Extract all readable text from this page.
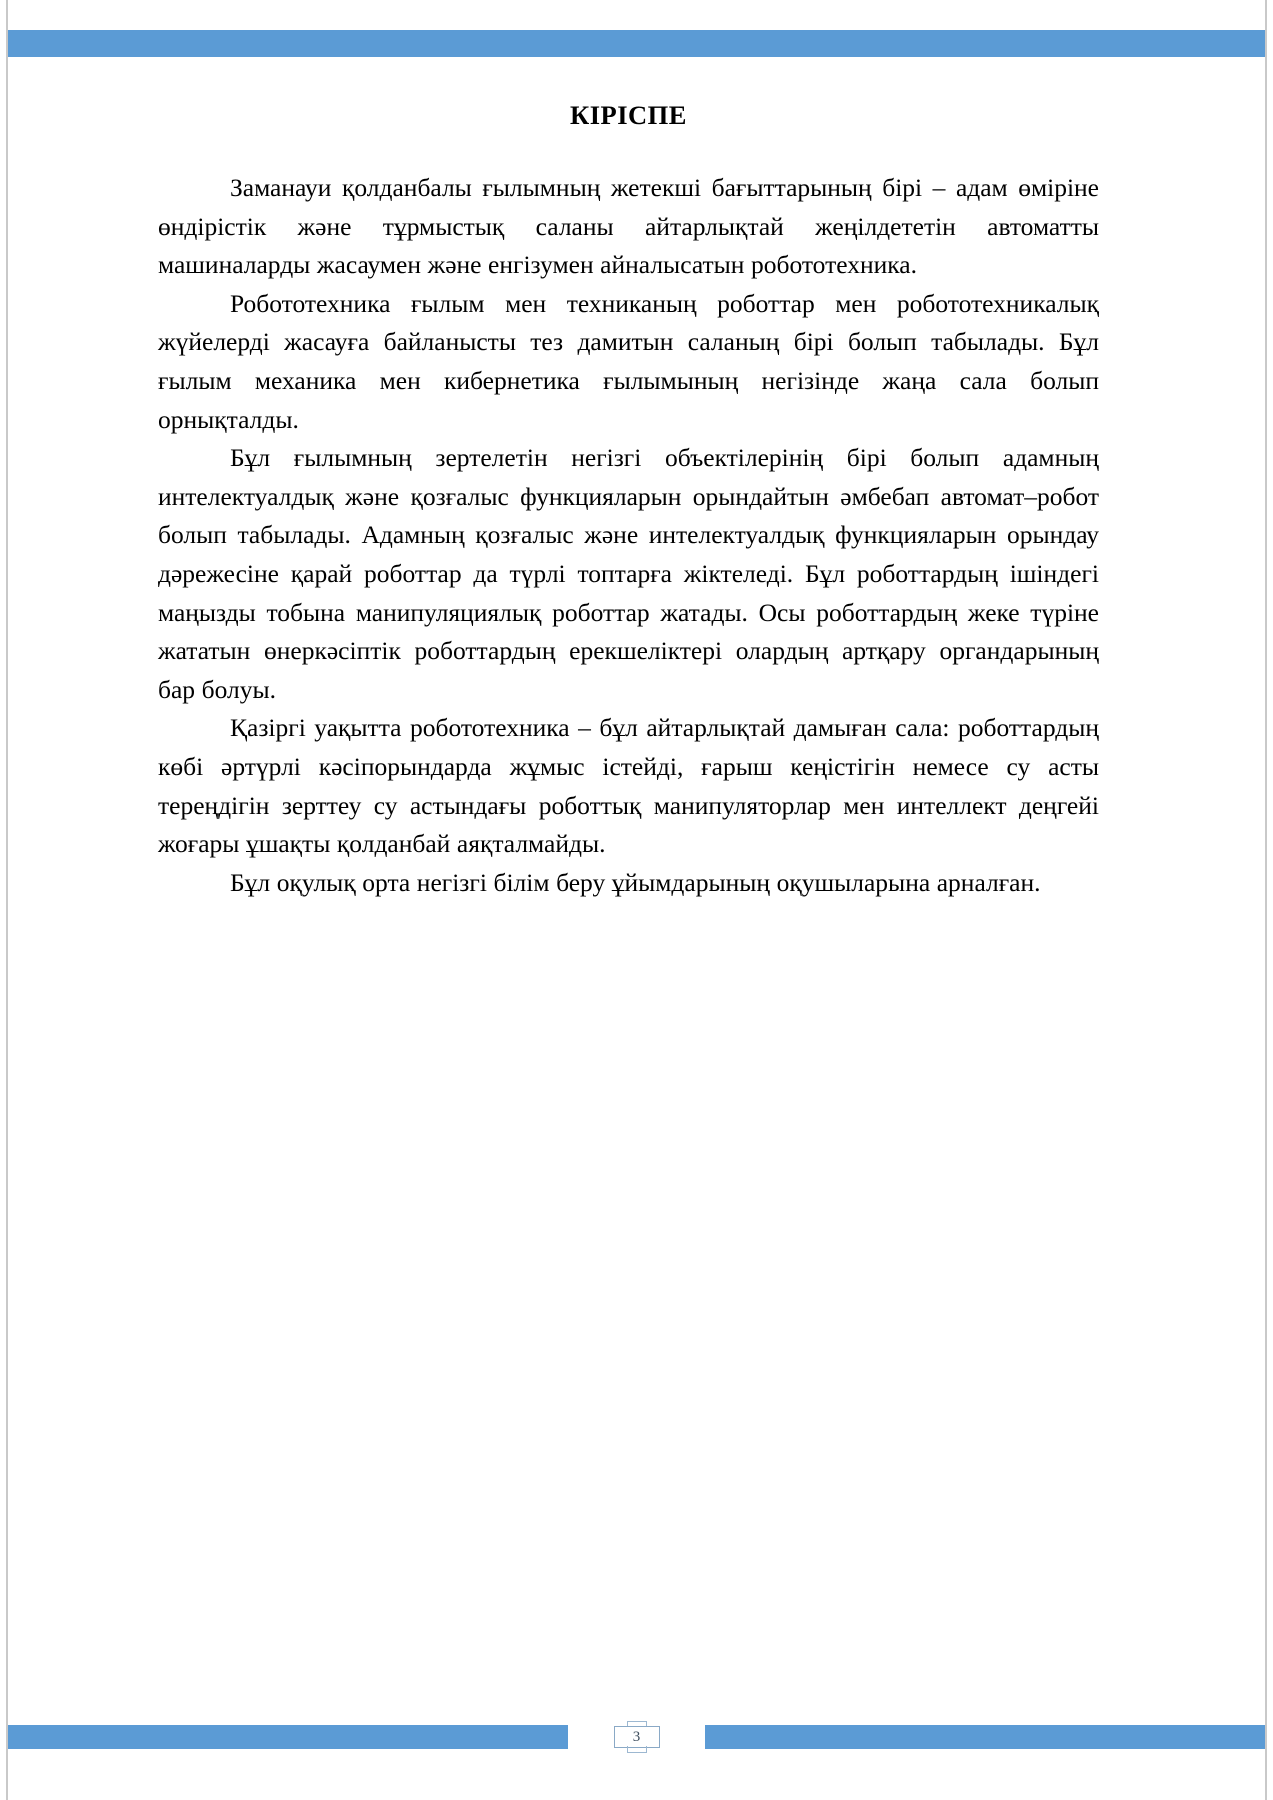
КІРІСПЕ

Заманауи қолданбалы ғылымның жетекші бағыттарының бірі – адам өміріне өндірістік және тұрмыстық саланы айтарлықтай жеңілдететін автоматты машиналарды жасаумен және енгізумен айналысатын робототехника.

Робототехника ғылым мен техниканың роботтар мен робототехникалық жүйелерді жасауға байланысты тез дамитын саланың бірі болып табылады. Бұл ғылым механика мен кибернетика ғылымының негізінде жаңа сала болып орнықталды.

Бұл ғылымның зертелетін негізгі объектілерінің бірі болып адамның интелектуалдық және қозғалыс функцияларын орындайтын әмбебап автомат–робот болып табылады. Адамның қозғалыс және интелектуалдық функцияларын орындау дәрежесіне қарай роботтар да түрлі топтарға жіктеледі. Бұл роботтардың ішіндегі маңызды тобына манипуляциялық роботтар жатады. Осы роботтардың жеке түріне жататын өнеркәсіптік роботтардың ерекшеліктері олардың артқару органдарының бар болуы.

Қазіргі уақытта робототехника – бұл айтарлықтай дамыған сала: роботтардың көбі әртүрлі кәсіпорындарда жұмыс істейді, ғарыш кеңістігін немесе су асты тереңдігін зерттеу су астындағы роботтық манипуляторлар мен интеллект деңгейі жоғары ұшақты қолданбай аяқталмайды.

Бұл оқулық орта негізгі білім беру ұйымдарының оқушыларына арналған.

3
